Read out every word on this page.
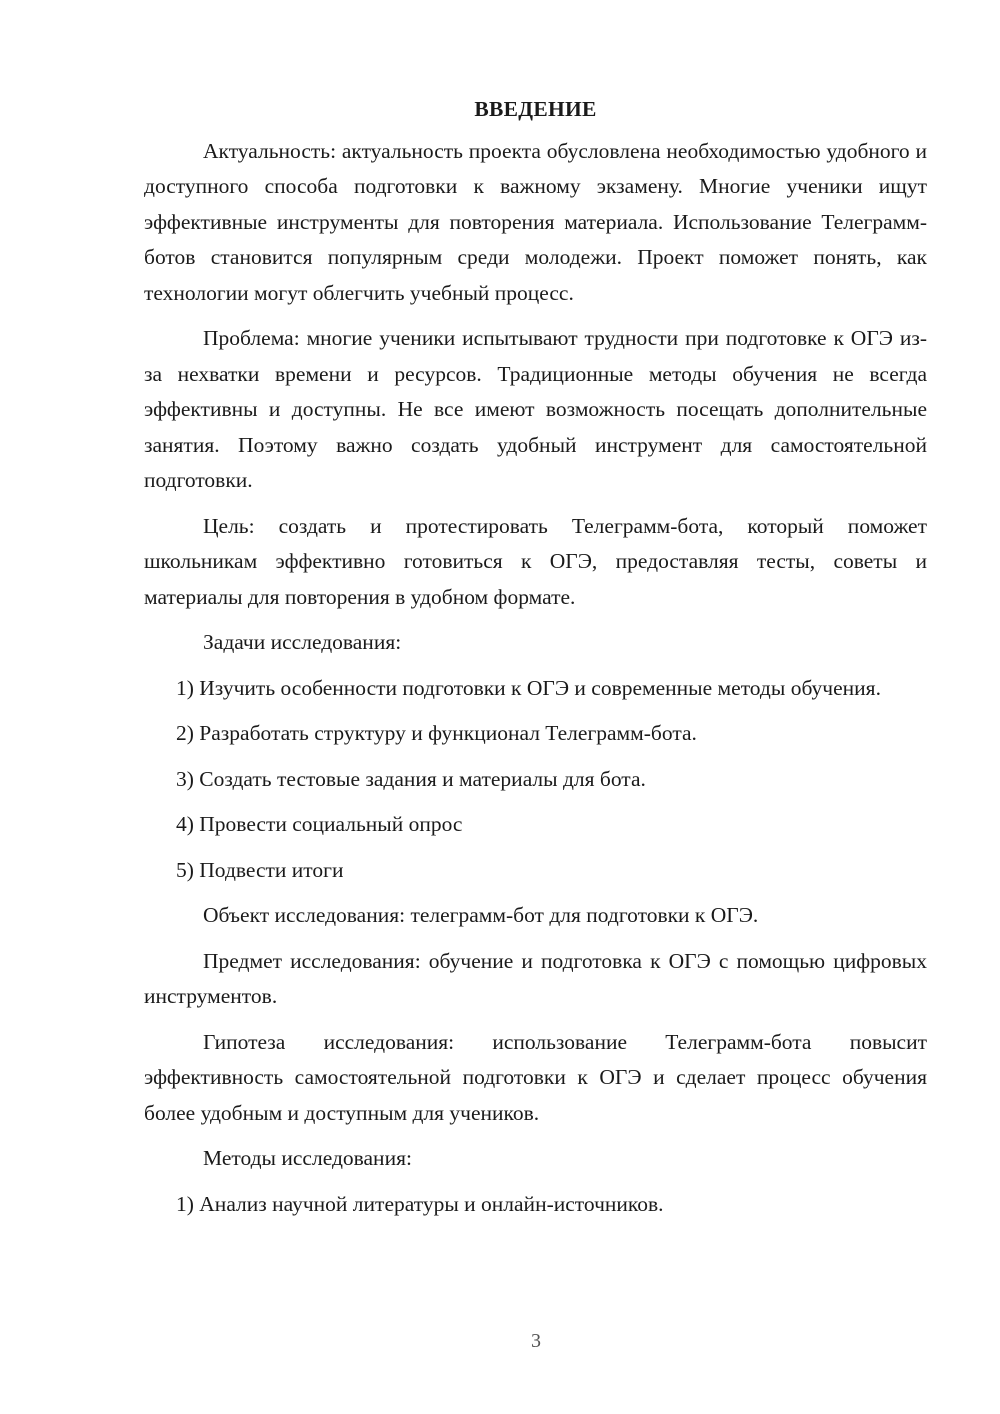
ВВЕДЕНИЕ

Актуальность: актуальность проекта обусловлена необходимостью удобного и доступного способа подготовки к важному экзамену. Многие ученики ищут эффективные инструменты для повторения материала. Использование Телеграмм-ботов становится популярным среди молодежи. Проект поможет понять, как технологии могут облегчить учебный процесс.

Проблема: многие ученики испытывают трудности при подготовке к ОГЭ из-за нехватки времени и ресурсов. Традиционные методы обучения не всегда эффективны и доступны. Не все имеют возможность посещать дополнительные занятия. Поэтому важно создать удобный инструмент для самостоятельной подготовки.

Цель: создать и протестировать Телеграмм-бота, который поможет школьникам эффективно готовиться к ОГЭ, предоставляя тесты, советы и материалы для повторения в удобном формате.

Задачи исследования:

1) Изучить особенности подготовки к ОГЭ и современные методы обучения.

2) Разработать структуру и функционал Телеграмм-бота.

3) Создать тестовые задания и материалы для бота.

4) Провести социальный опрос

5) Подвести итоги

Объект исследования: телеграмм-бот для подготовки к ОГЭ.

Предмет исследования: обучение и подготовка к ОГЭ с помощью цифровых инструментов.

Гипотеза исследования: использование Телеграмм-бота повысит эффективность самостоятельной подготовки к ОГЭ и сделает процесс обучения более удобным и доступным для учеников.

Методы исследования:

1) Анализ научной литературы и онлайн-источников.

3
